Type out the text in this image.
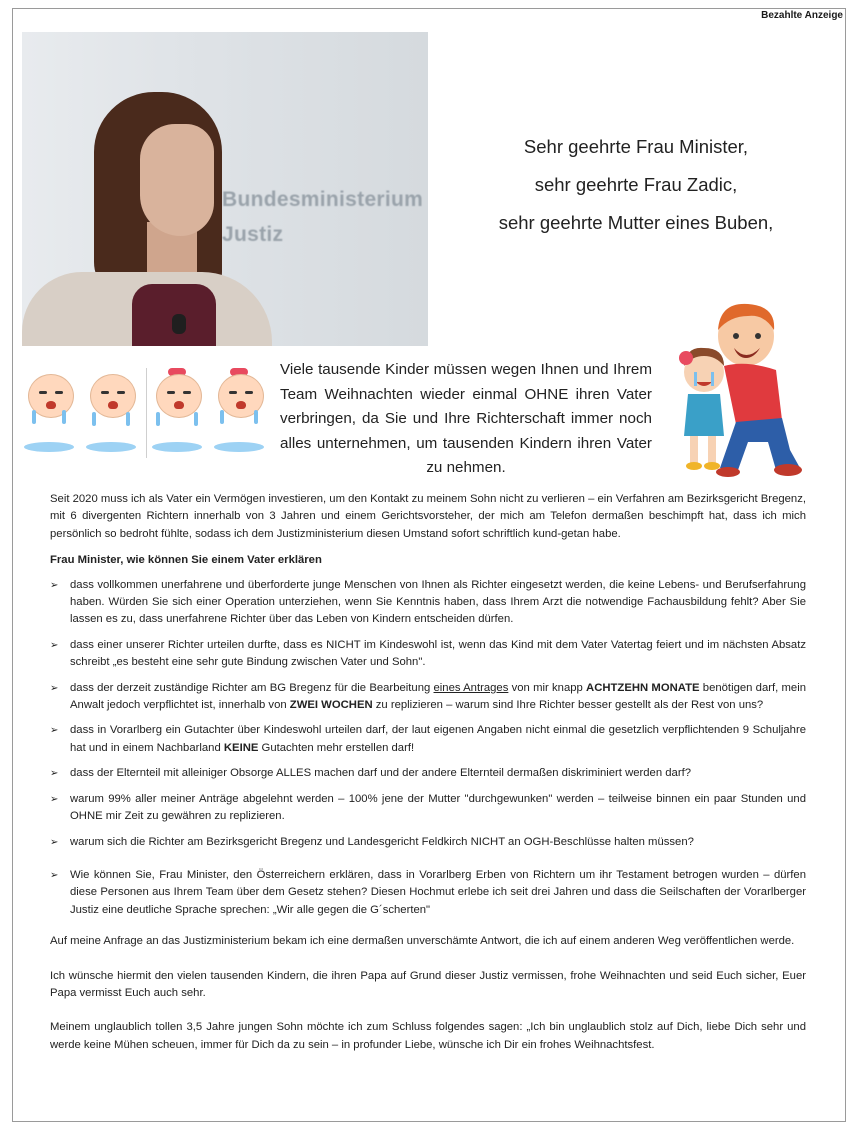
Bezahlte Anzeige
Bundesministerium
Justiz
Sehr geehrte Frau Minister,
sehr geehrte Frau Zadic,
sehr geehrte Mutter eines Buben,
Viele tausende Kinder müssen wegen Ihnen und Ihrem Team Weihnachten wieder einmal OHNE ihren Vater verbringen, da Sie und Ihre Richterschaft immer noch alles unternehmen, um tausenden Kindern ihren Vater zu nehmen.

Seit 2020 muss ich als Vater ein Vermögen investieren, um den Kontakt zu meinem Sohn nicht zu verlieren – ein Verfahren am Bezirksgericht Bregenz, mit 6 divergenten Richtern innerhalb von 3 Jahren und einem Gerichtsvorsteher, der mich am Telefon dermaßen beschimpft hat, dass ich mich persönlich so bedroht fühlte, sodass ich dem Justizministerium diesen Umstand sofort schriftlich kund-getan habe.

Frau Minister, wie können Sie einem Vater erklären

➢ dass vollkommen unerfahrene und überforderte junge Menschen von Ihnen als Richter eingesetzt werden, die keine Lebens- und Berufserfahrung haben. Würden Sie sich einer Operation unterziehen, wenn Sie Kenntnis haben, dass Ihrem Arzt die notwendige Fachausbildung fehlt? Aber Sie lassen es zu, dass unerfahrene Richter über das Leben von Kindern entscheiden dürfen.
➢ dass einer unserer Richter urteilen durfte, dass es NICHT im Kindeswohl ist, wenn das Kind mit dem Vater Vatertag feiert und im nächsten Absatz schreibt „es besteht eine sehr gute Bindung zwischen Vater und Sohn".
➢ dass der derzeit zuständige Richter am BG Bregenz für die Bearbeitung eines Antrages von mir knapp ACHTZEHN MONATE benötigen darf, mein Anwalt jedoch verpflichtet ist, innerhalb von ZWEI WOCHEN zu replizieren – warum sind Ihre Richter besser gestellt als der Rest von uns?
➢ dass in Vorarlberg ein Gutachter über Kindeswohl urteilen darf, der laut eigenen Angaben nicht einmal die gesetzlich verpflichtenden 9 Schuljahre hat und in einem Nachbarland KEINE Gutachten mehr erstellen darf!
➢ dass der Elternteil mit alleiniger Obsorge ALLES machen darf und der andere Elternteil dermaßen diskriminiert werden darf?
➢ warum 99% aller meiner Anträge abgelehnt werden – 100% jene der Mutter "durchgewunken" werden – teilweise binnen ein paar Stunden und OHNE mir Zeit zu gewähren zu replizieren.
➢ warum sich die Richter am Bezirksgericht Bregenz und Landesgericht Feldkirch NICHT an OGH-Beschlüsse halten müssen?
➢ Wie können Sie, Frau Minister, den Österreichern erklären, dass in Vorarlberg Erben von Richtern um ihr Testament betrogen wurden – dürfen diese Personen aus Ihrem Team über dem Gesetz stehen? Diesen Hochmut erlebe ich seit drei Jahren und dass die Seilschaften der Vorarlberger Justiz eine deutliche Sprache sprechen: „Wir alle gegen die G´scherten"

Auf meine Anfrage an das Justizministerium bekam ich eine dermaßen unverschämte Antwort, die ich auf einem anderen Weg veröffentlichen werde.

Ich wünsche hiermit den vielen tausenden Kindern, die ihren Papa auf Grund dieser Justiz vermissen, frohe Weihnachten und seid Euch sicher, Euer Papa vermisst Euch auch sehr.

Meinem unglaublich tollen 3,5 Jahre jungen Sohn möchte ich zum Schluss folgendes sagen: „Ich bin unglaublich stolz auf Dich, liebe Dich sehr und werde keine Mühen scheuen, immer für Dich da zu sein – in profunder Liebe, wünsche ich Dir ein frohes Weihnachtsfest.
